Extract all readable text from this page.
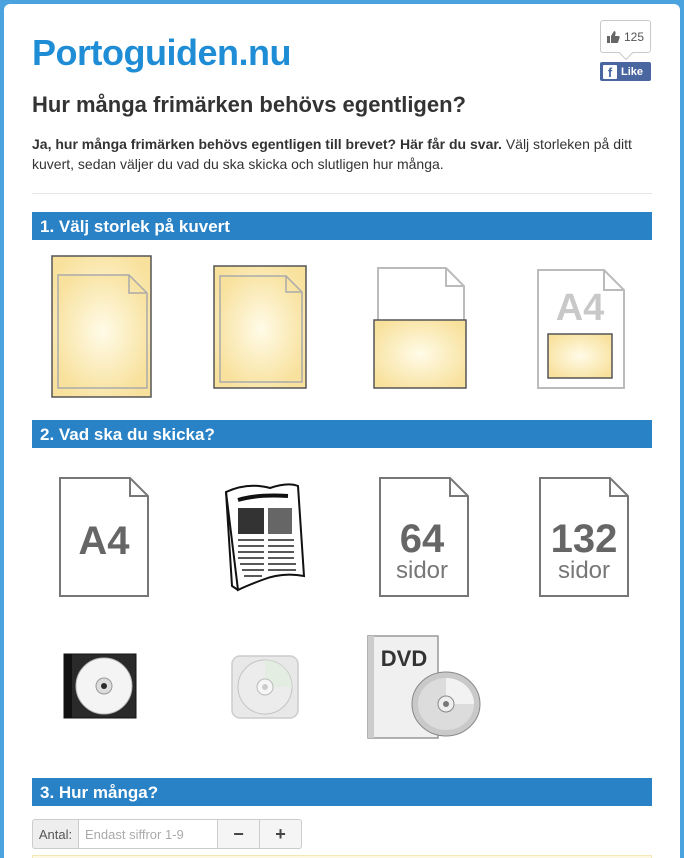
Portoguiden.nu	125
f Like
Hur många frimärken behövs egentligen?
Ja, hur många frimärken behövs egentligen till brevet? Här får du svar. Välj storleken på ditt kuvert, sedan väljer du vad du ska skicka och slutligen hur många.
1. Välj storlek på kuvert
A4
2. Vad ska du skicka?
A4	64
sidor
132
sidor
DVD
3. Hur många?
Antal:
Endast siffror 1-9	−	+
